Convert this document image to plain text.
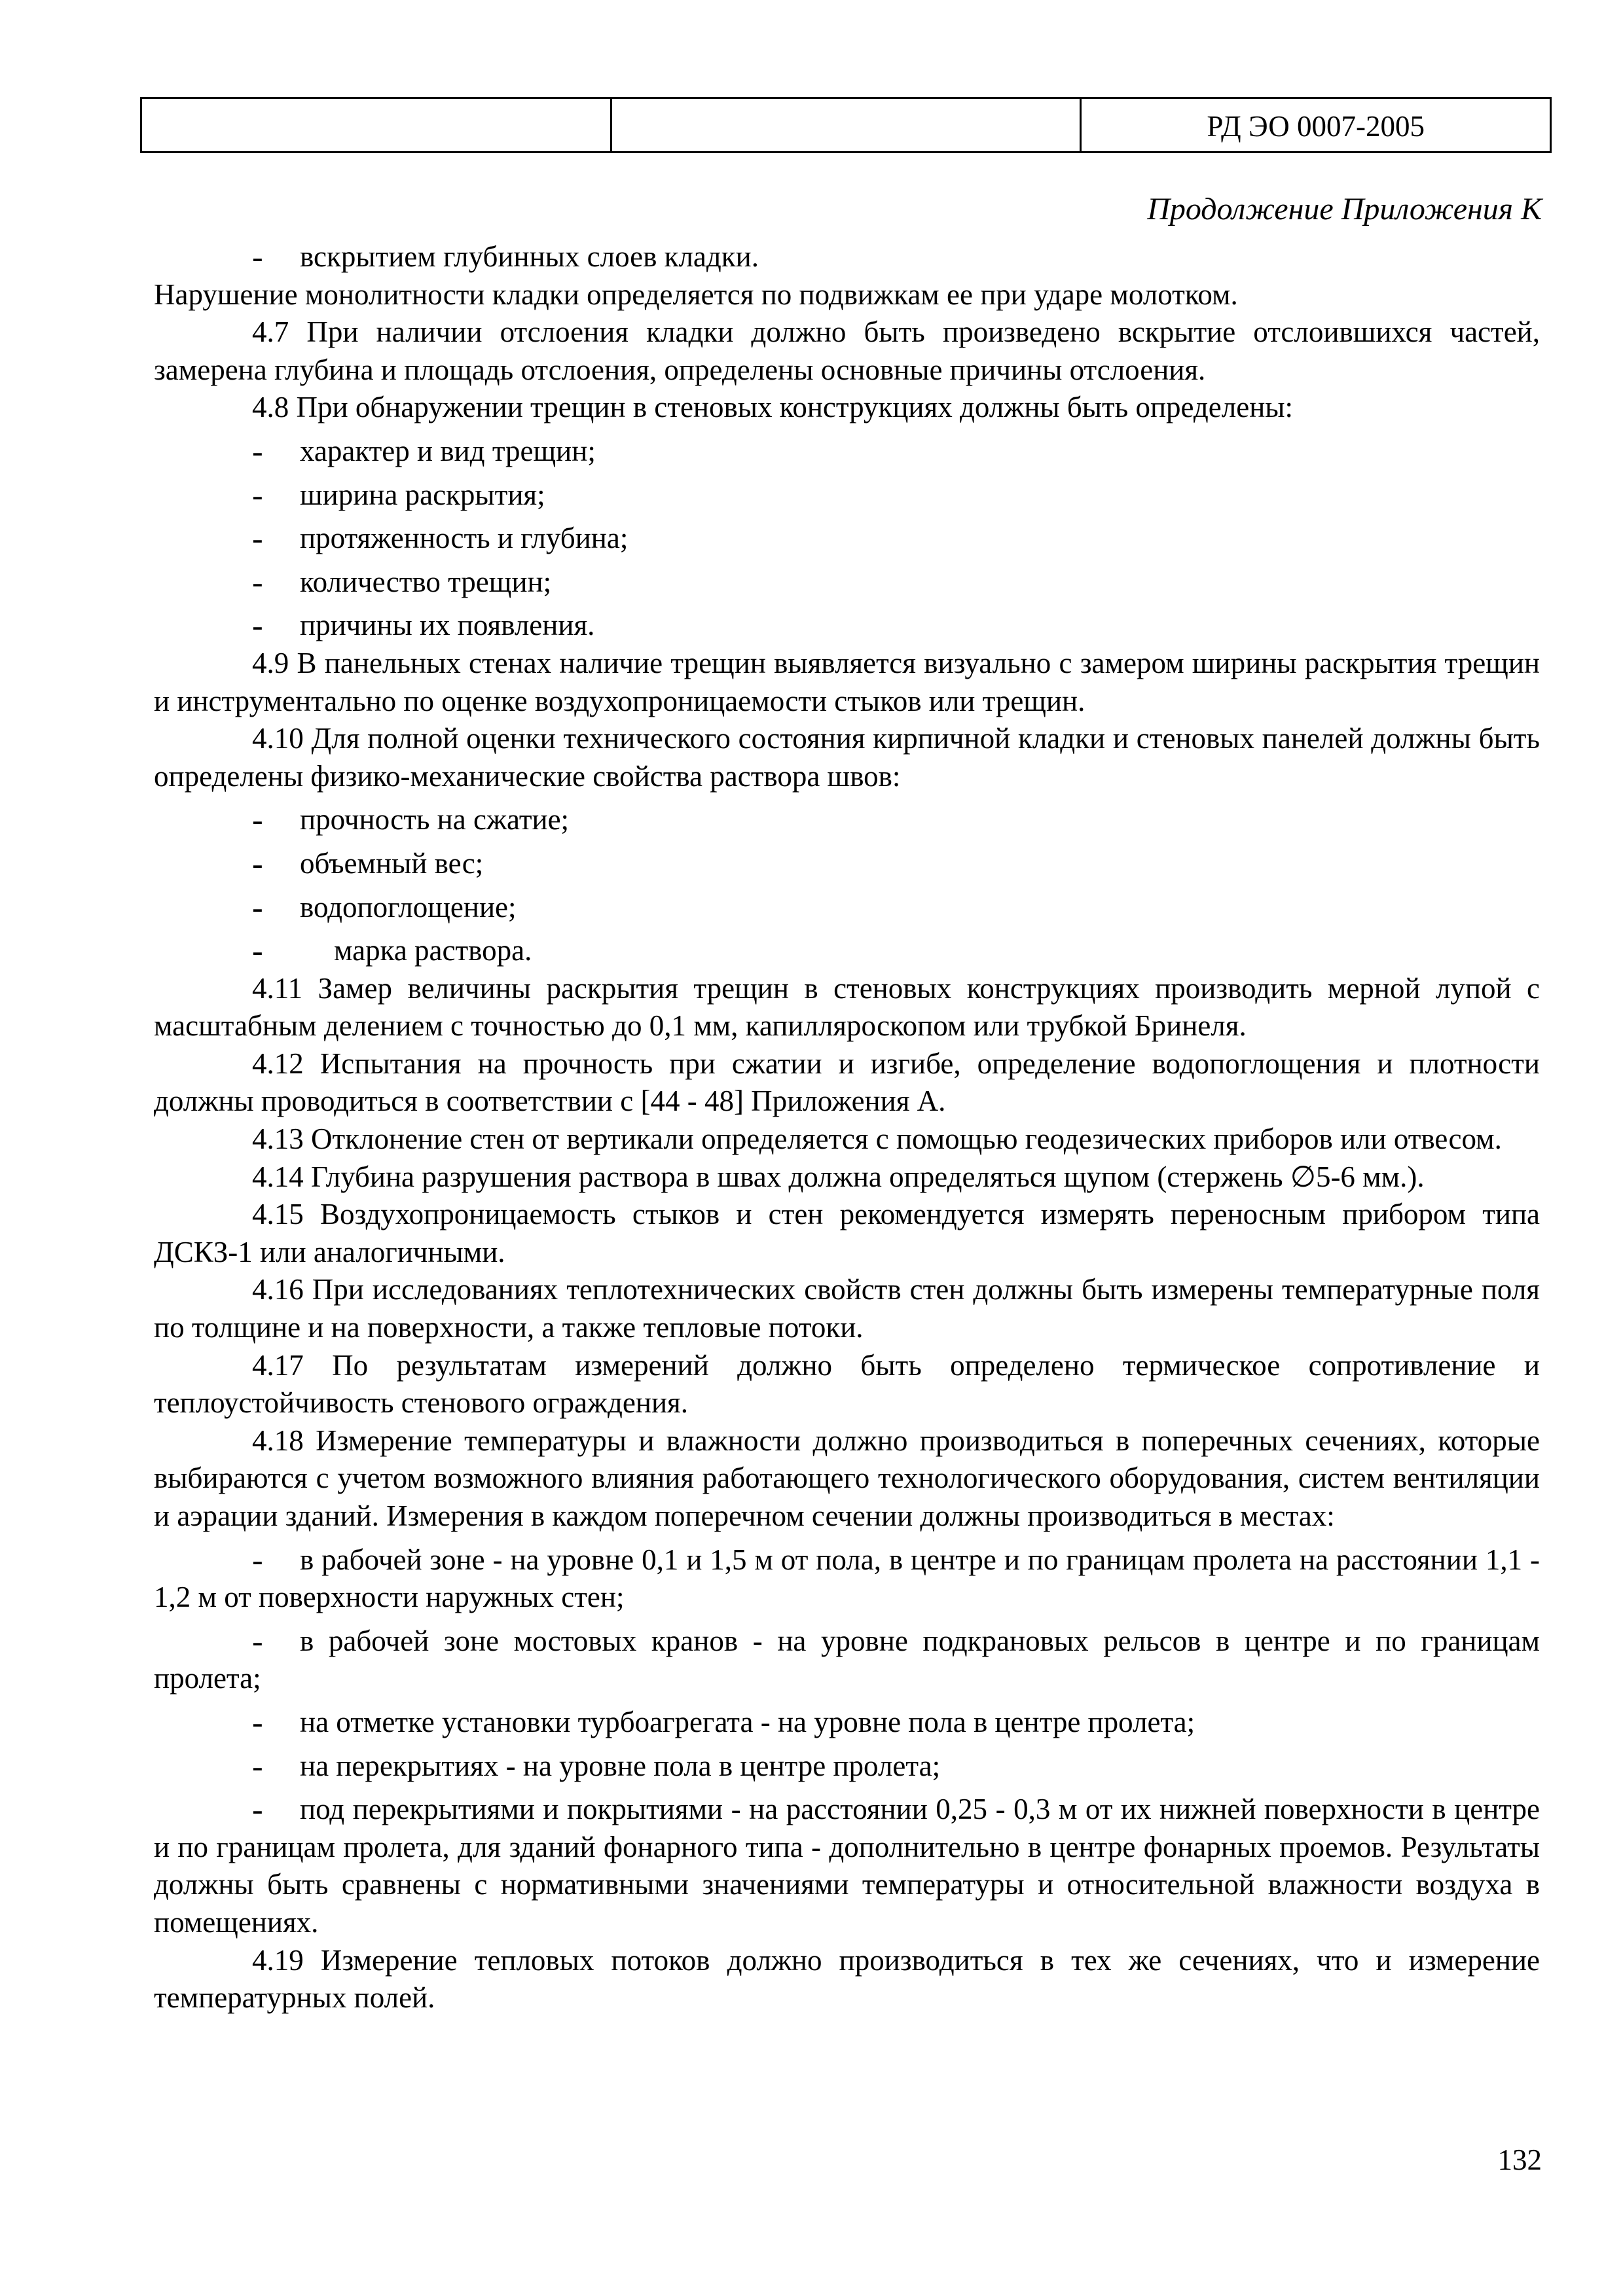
		РД ЭО 0007-2005
Продолжение Приложения К
-	вскрытием глубинных слоев кладки.

Нарушение монолитности кладки определяется по подвижкам ее при ударе молотком.

4.7 При наличии отслоения кладки должно быть произведено вскрытие отслоившихся частей, замерена глубина и площадь отслоения, определены основные причины отслоения.

4.8 При обнаружении трещин в стеновых конструкциях должны быть определены:

-	характер и вид трещин;
-	ширина раскрытия;
-	протяженность и глубина;
-	количество трещин;
-	причины их появления.

4.9 В панельных стенах наличие трещин выявляется визуально с замером ширины раскрытия трещин и инструментально по оценке воздухопроницаемости стыков или трещин.

4.10 Для полной оценки технического состояния кирпичной кладки и стеновых панелей должны быть определены физико-механические свойства раствора швов:

-	прочность на сжатие;
-	объемный вес;
-	водопоглощение;
-	марка раствора.

4.11 Замер величины раскрытия трещин в стеновых конструкциях производить мерной лупой с масштабным делением с точностью до 0,1 мм, капилляроскопом или трубкой Бринеля.

4.12 Испытания на прочность при сжатии и изгибе, определение водопоглощения и плотности должны проводиться в соответствии с [44 - 48] Приложения А.

4.13 Отклонение стен от вертикали определяется с помощью геодезических приборов или отвесом.

4.14 Глубина разрушения раствора в швах должна определяться щупом (стержень ∅5-6 мм.).

4.15 Воздухопроницаемость стыков и стен рекомендуется измерять переносным прибором типа ДСКЗ-1 или аналогичными.

4.16 При исследованиях теплотехнических свойств стен должны быть измерены температурные поля по толщине и на поверхности, а также тепловые потоки.

4.17 По результатам измерений должно быть определено термическое сопротивление и теплоустойчивость стенового ограждения.

4.18 Измерение температуры и влажности должно производиться в поперечных сечениях, которые выбираются с учетом возможного влияния работающего технологического оборудования, систем вентиляции и аэрации зданий. Измерения в каждом поперечном сечении должны производиться в местах:

-	в рабочей зоне - на уровне 0,1 и 1,5 м от пола, в центре и по границам пролета на расстоянии 1,1 - 1,2 м от поверхности наружных стен;
-	в рабочей зоне мостовых кранов - на уровне подкрановых рельсов в центре и по границам пролета;
-	на отметке установки турбоагрегата - на уровне пола в центре пролета;
-	на перекрытиях - на уровне пола в центре пролета;
-	под перекрытиями и покрытиями - на расстоянии 0,25 - 0,3 м от их нижней поверхности в центре и по границам пролета, для зданий фонарного типа - дополнительно в центре фонарных проемов. Результаты должны быть сравнены с нормативными значениями температуры и относительной влажности воздуха в помещениях.

4.19 Измерение тепловых потоков должно производиться в тех же сечениях, что и измерение температурных полей.

132
